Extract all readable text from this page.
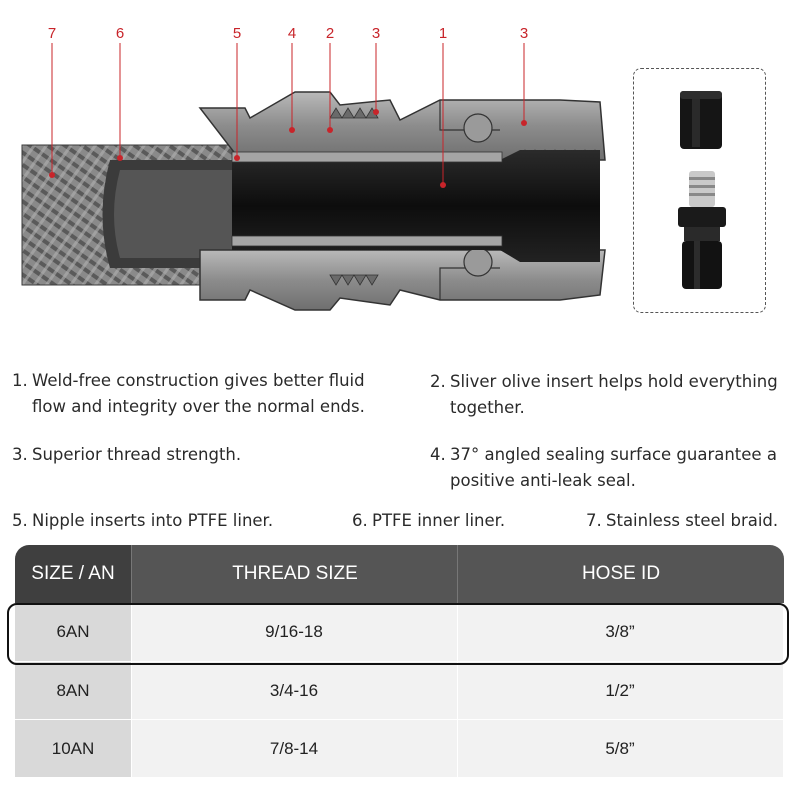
7	6	5	4 2	3	1	3
1. Weld-free construction gives better fluid
flow and integrity over the normal ends.
2. Sliver olive insert helps hold everything
together.
3. Superior thread strength.	4. 37° angled sealing surface guarantee a
positive anti-leak seal.
5. Nipple inserts into PTFE liner.	6. PTFE inner liner.	7. Stainless steel braid.
SIZE / AN	THREAD SIZE	HOSE ID
6AN	9/16-18	3/8”
8AN	3/4-16	1/2”
10AN	7/8-14	5/8”
